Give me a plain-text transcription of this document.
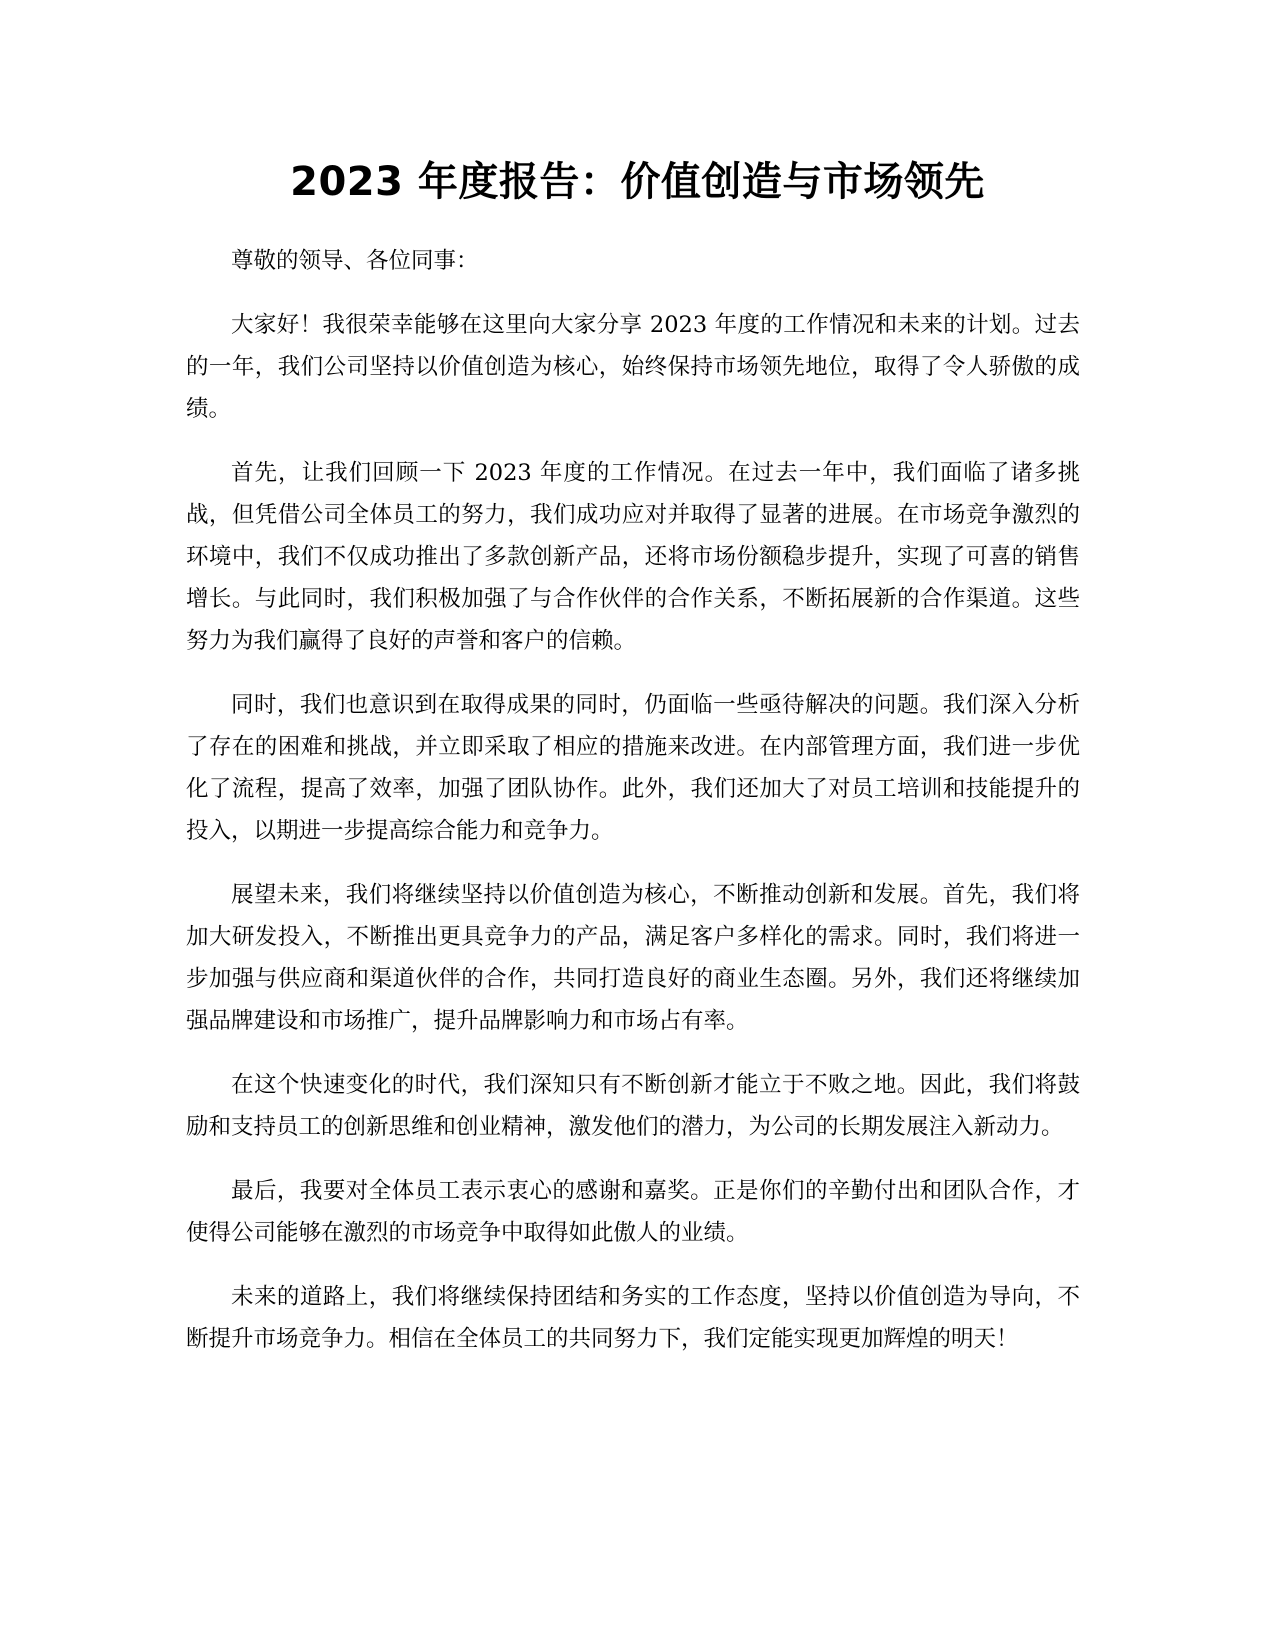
2023 年度报告：价值创造与市场领先

尊敬的领导、各位同事：

大家好！我很荣幸能够在这里向大家分享 2023 年度的工作情况和未来的计划。过去的一年，我们公司坚持以价值创造为核心，始终保持市场领先地位，取得了令人骄傲的成绩。

首先，让我们回顾一下 2023 年度的工作情况。在过去一年中，我们面临了诸多挑战，但凭借公司全体员工的努力，我们成功应对并取得了显著的进展。在市场竞争激烈的环境中，我们不仅成功推出了多款创新产品，还将市场份额稳步提升，实现了可喜的销售增长。与此同时，我们积极加强了与合作伙伴的合作关系，不断拓展新的合作渠道。这些努力为我们赢得了良好的声誉和客户的信赖。

同时，我们也意识到在取得成果的同时，仍面临一些亟待解决的问题。我们深入分析了存在的困难和挑战，并立即采取了相应的措施来改进。在内部管理方面，我们进一步优化了流程，提高了效率，加强了团队协作。此外，我们还加大了对员工培训和技能提升的投入，以期进一步提高综合能力和竞争力。

展望未来，我们将继续坚持以价值创造为核心，不断推动创新和发展。首先，我们将加大研发投入，不断推出更具竞争力的产品，满足客户多样化的需求。同时，我们将进一步加强与供应商和渠道伙伴的合作，共同打造良好的商业生态圈。另外，我们还将继续加强品牌建设和市场推广，提升品牌影响力和市场占有率。

在这个快速变化的时代，我们深知只有不断创新才能立于不败之地。因此，我们将鼓励和支持员工的创新思维和创业精神，激发他们的潜力，为公司的长期发展注入新动力。

最后，我要对全体员工表示衷心的感谢和嘉奖。正是你们的辛勤付出和团队合作，才使得公司能够在激烈的市场竞争中取得如此傲人的业绩。

未来的道路上，我们将继续保持团结和务实的工作态度，坚持以价值创造为导向，不断提升市场竞争力。相信在全体员工的共同努力下，我们定能实现更加辉煌的明天！
